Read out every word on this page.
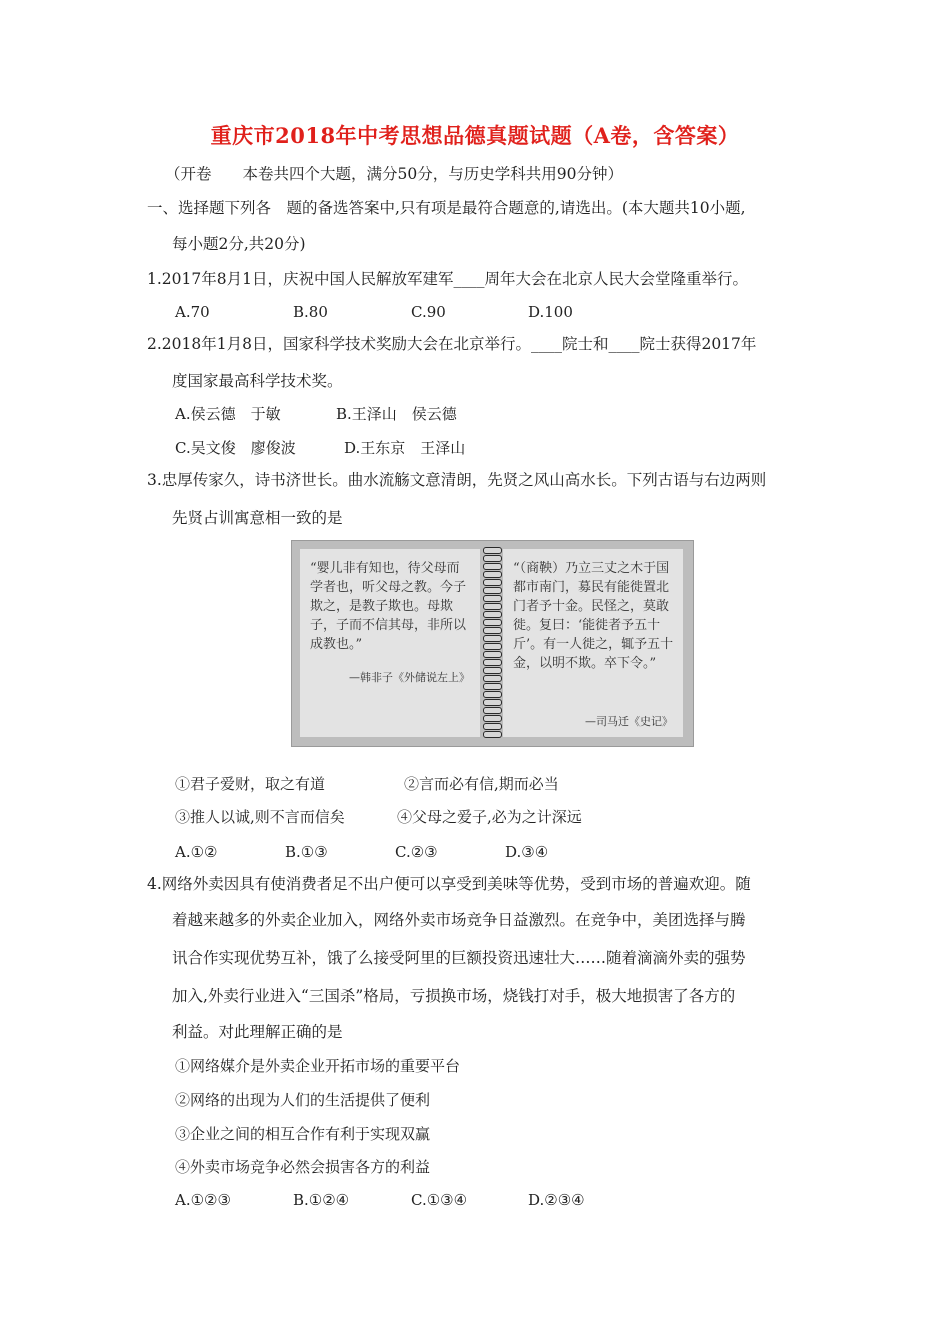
重庆市2018年中考思想品德真题试题（A卷，含答案）
（开卷　　本卷共四个大题，满分50分，与历史学科共用90分钟）
一、选择题下列各　题的备选答案中,只有项是最符合题意的,请选出。(本大题共10小题,
每小题2分,共20分)
1.2017年8月1日，庆祝中国人民解放军建军____周年大会在北京人民大会堂隆重举行。
A.70	B.80	C.90	D.100
2.2018年1月8日，国家科学技术奖励大会在北京举行。____院士和____院士获得2017年
度国家最高科学技术奖。
A.侯云德　于敏	B.王泽山　侯云德
C.吴文俊　廖俊波	D.王东京　王泽山
3.忠厚传家久，诗书济世长。曲水流觞文意清朗，先贤之风山高水长。下列古语与右边两则
先贤占训寓意相一致的是
“婴儿非有知也，待父母而学者也，听父母之教。今子欺之，是教子欺也。母欺子，子而不信其母，非所以成教也。”
—韩非子《外储说左上》
“（商鞅）乃立三丈之木于国都市南门，募民有能徙置北门者予十金。民怪之，莫敢徙。复曰：‘能徙者予五十斤’。有一人徙之，辄予五十金，以明不欺。卒下令。”
—司马迁《史记》
①君子爱财，取之有道	②言而必有信,期而必当
③推人以诚,则不言而信矣	④父母之爱子,必为之计深远
A.①②	B.①③	C.②③	D.③④
4.网络外卖因具有使消费者足不出户便可以享受到美味等优势，受到市场的普遍欢迎。随
着越来越多的外卖企业加入，网络外卖市场竞争日益激烈。在竞争中，美团选择与腾
讯合作实现优势互补，饿了么接受阿里的巨额投资迅速壮大……随着滴滴外卖的强势
加入,外卖行业进入“三国杀”格局，亏损换市场，烧钱打对手，极大地损害了各方的
利益。对此理解正确的是
①网络媒介是外卖企业开拓市场的重要平台
②网络的出现为人们的生活提供了便利
③企业之间的相互合作有利于实现双赢
④外卖市场竞争必然会损害各方的利益
A.①②③	B.①②④	C.①③④	D.②③④
